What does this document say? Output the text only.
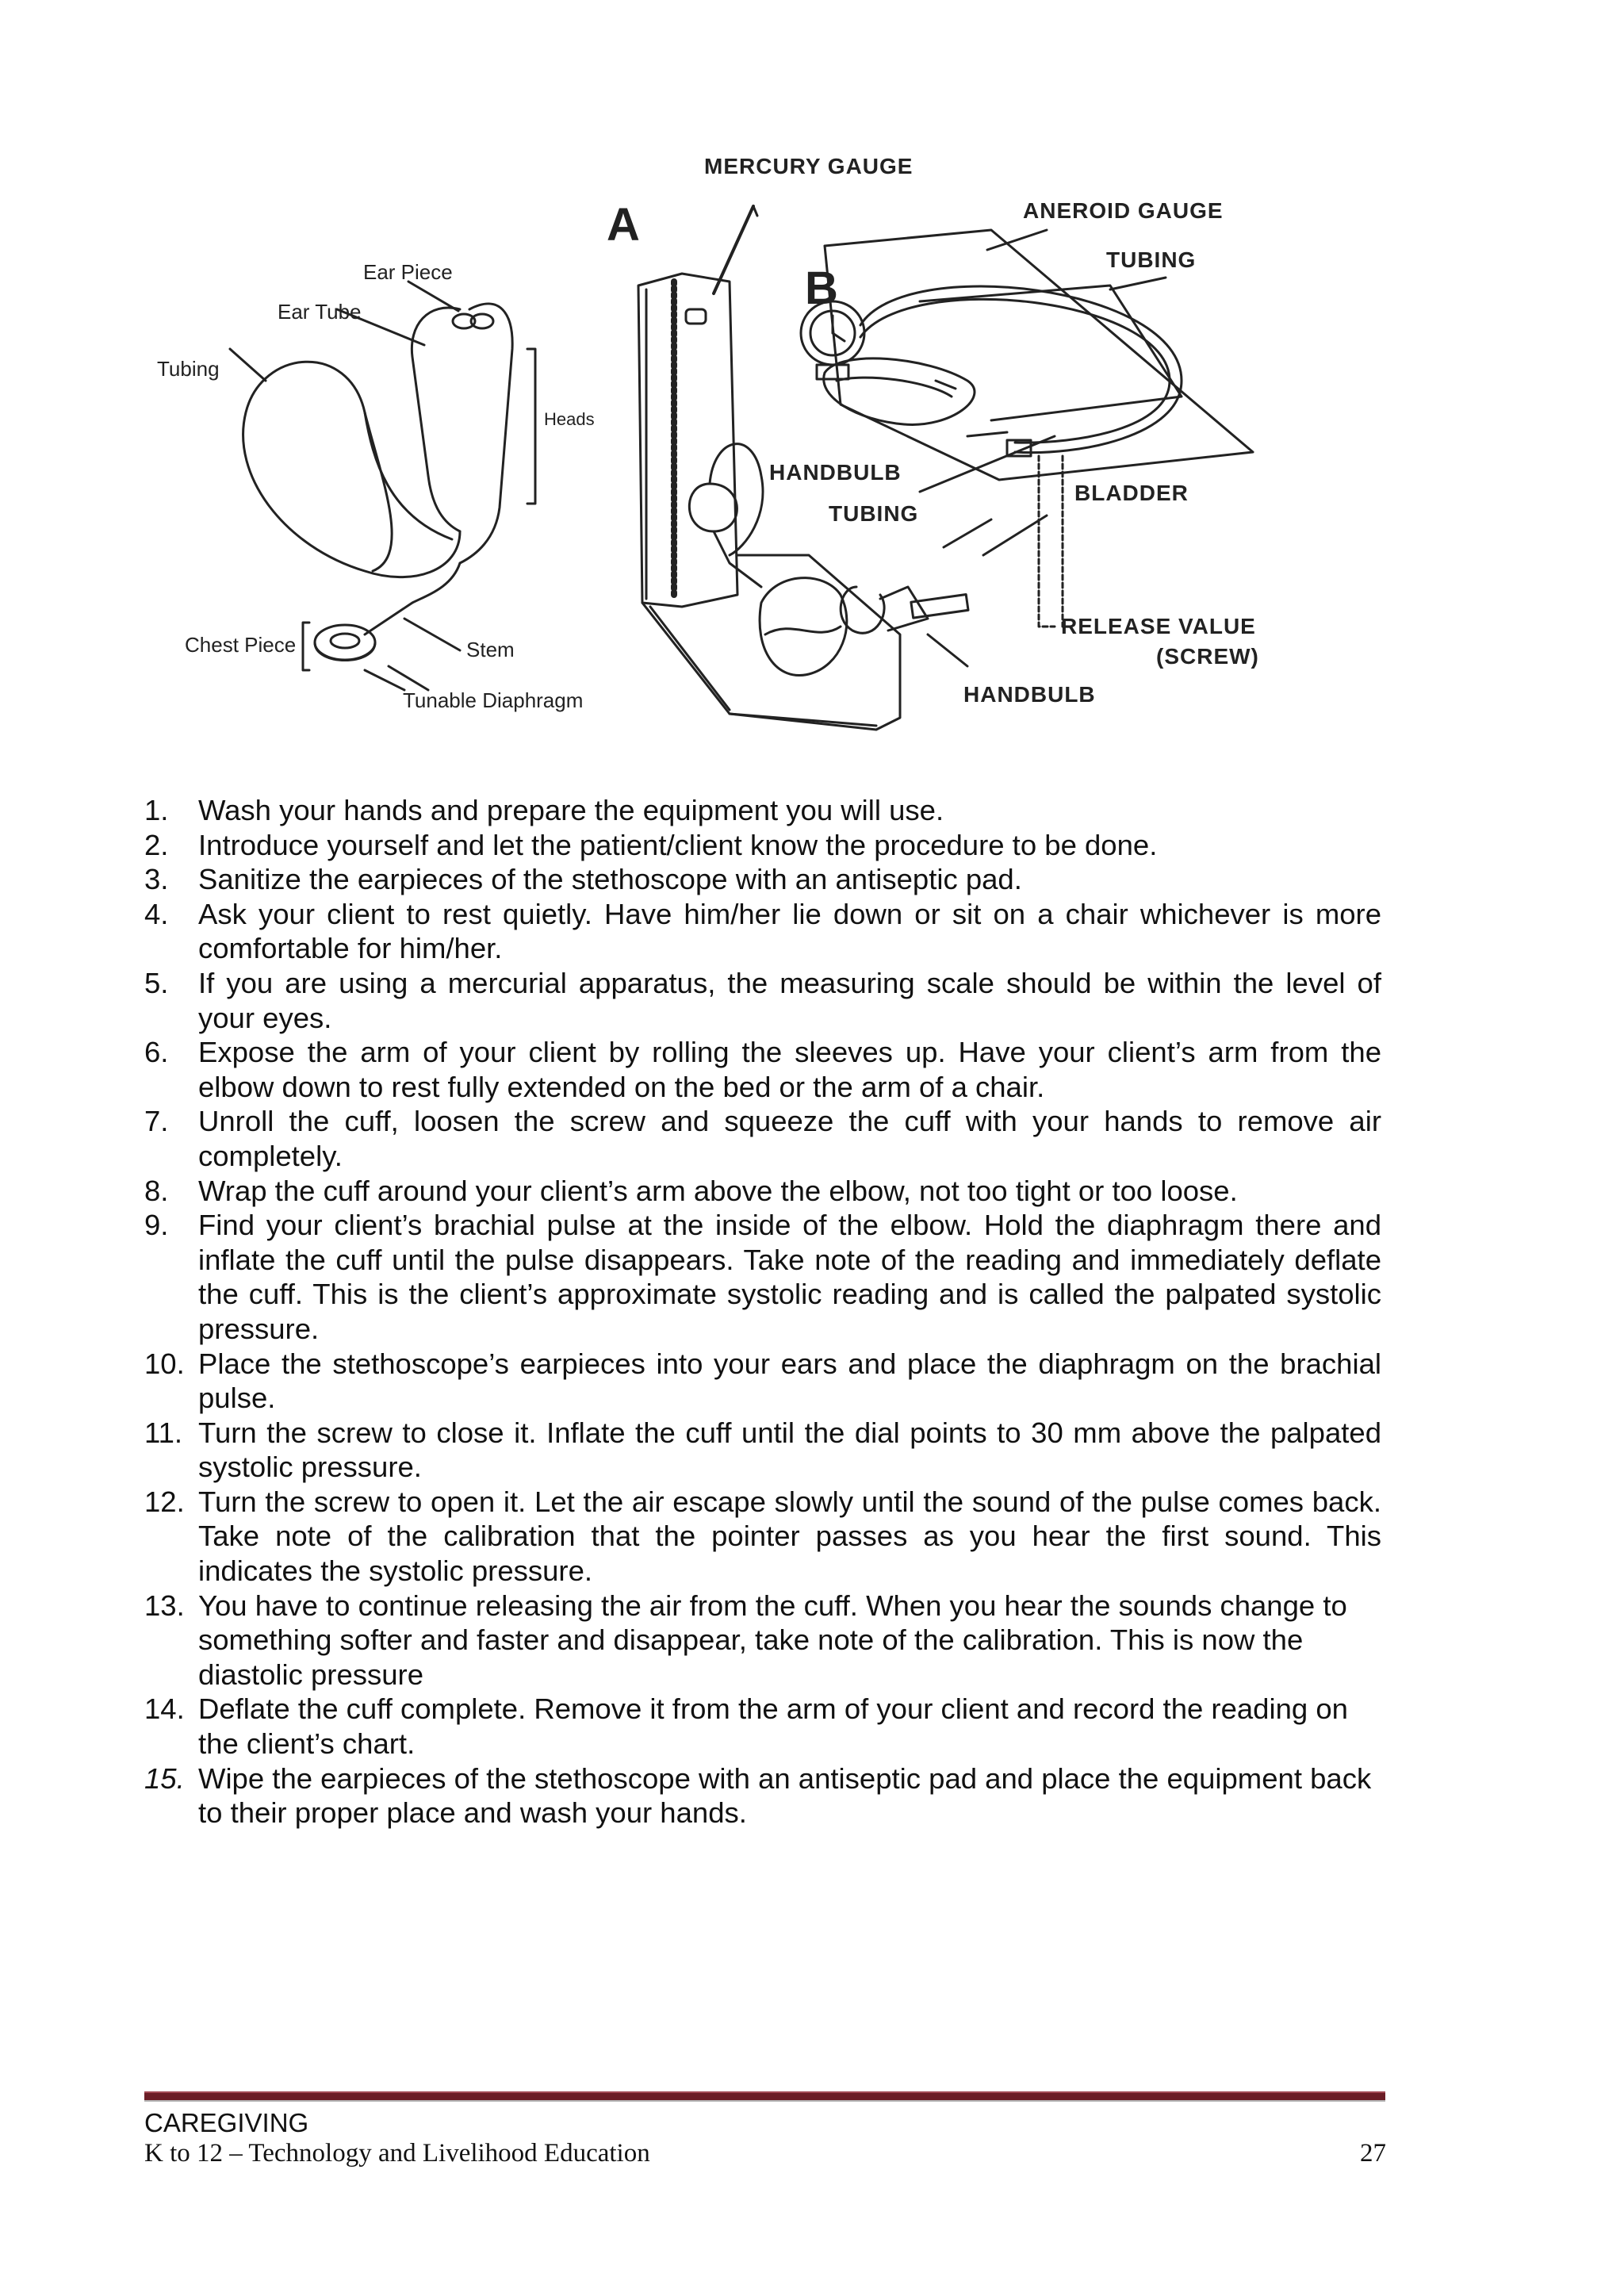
Ear Piece
Ear Tube
Tubing
Heads
Chest Piece	Stem
Tunable Diaphragm
A
B
MERCURY GAUGE
ANEROID GAUGE
TUBING
HANDBULB
TUBING
BLADDER
RELEASE VALUE
(SCREW)
HANDBULB
1. Wash your hands and prepare the equipment you will use.
2. Introduce yourself and let the patient/client know the procedure to be done.
3. Sanitize the earpieces of the stethoscope with an antiseptic pad.
4. Ask your client to rest quietly. Have him/her lie down or sit on a chair whichever is more comfortable for him/her.
5. If you are using a mercurial apparatus, the measuring scale should be within the level of your eyes.
6. Expose the arm of your client by rolling the sleeves up. Have your client’s arm from the elbow down to rest fully extended on the bed or the arm of a chair.
7. Unroll the cuff, loosen the screw and squeeze the cuff with your hands to remove air completely.
8. Wrap the cuff around your client’s arm above the elbow, not too tight or too loose.
9. Find your client’s brachial pulse at the inside of the elbow. Hold the diaphragm there and inflate the cuff until the pulse disappears. Take note of the reading and immediately deflate the cuff. This is the client’s approximate systolic reading and is called the palpated systolic pressure.
10. Place the stethoscope’s earpieces into your ears and place the diaphragm on the brachial pulse.
11. Turn the screw to close it. Inflate the cuff until the dial points to 30 mm above the palpated systolic pressure.
12. Turn the screw to open it. Let the air escape slowly until the sound of the pulse comes back. Take note of the calibration that the pointer passes as you hear the first sound. This indicates the systolic pressure.
13. You have to continue releasing the air from the cuff. When you hear the sounds change to something softer and faster and disappear, take note of the calibration. This is now the diastolic pressure
14. Deflate the cuff complete. Remove it from the arm of your client and record the reading on the client’s chart.
15. Wipe the earpieces of the stethoscope with an antiseptic pad and place the equipment back to their proper place and wash your hands.
CAREGIVING
K to 12 – Technology and Livelihood Education	27
